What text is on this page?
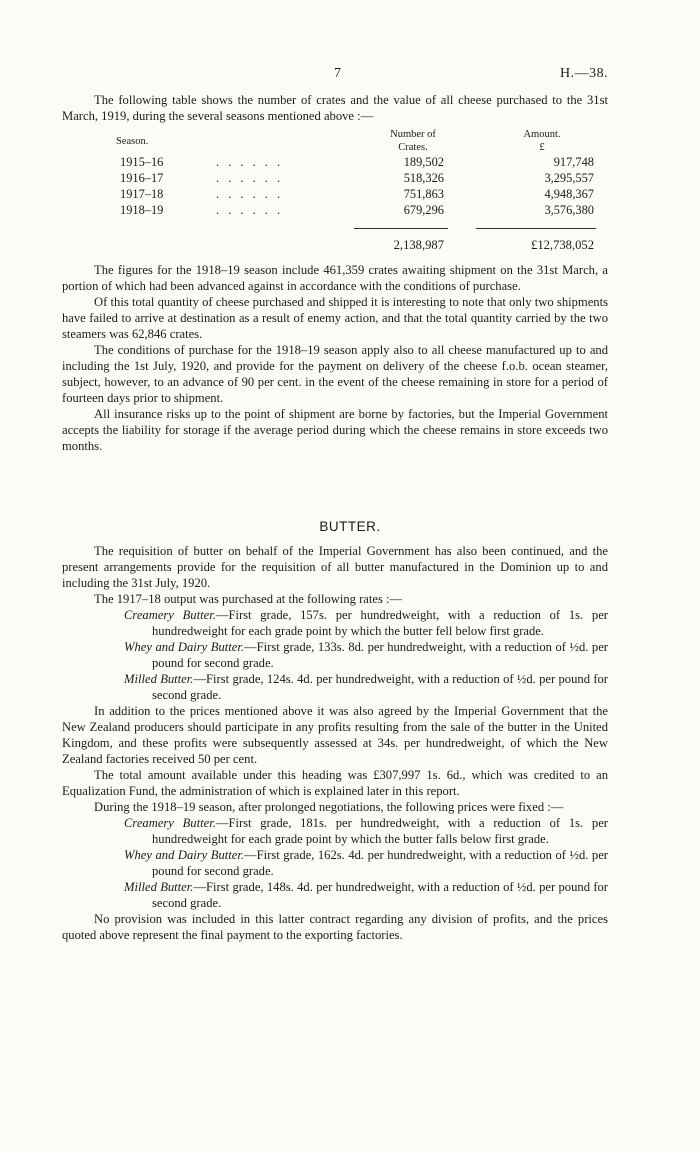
7	H.—38.

The following table shows the number of crates and the value of all cheese purchased to the 31st March, 1919, during the several seasons mentioned above :—

Season.
Number of
Crates.
Amount.
£
1915–16	. . . . . .	189,502	917,748
1916–17	. . . . . .	518,326	3,295,557
1917–18	. . . . . .	751,863	4,948,367
1918–19	. . . . . .	679,296	3,576,380
2,138,987	£12,738,052

The figures for the 1918–19 season include 461,359 crates awaiting shipment on the 31st March, a portion of which had been advanced against in accordance with the conditions of purchase.

Of this total quantity of cheese purchased and shipped it is interesting to note that only two shipments have failed to arrive at destination as a result of enemy action, and that the total quantity carried by the two steamers was 62,846 crates.

The conditions of purchase for the 1918–19 season apply also to all cheese manufactured up to and including the 1st July, 1920, and provide for the payment on delivery of the cheese f.o.b. ocean steamer, subject, however, to an advance of 90 per cent. in the event of the cheese remaining in store for a period of fourteen days prior to shipment.

All insurance risks up to the point of shipment are borne by factories, but the Imperial Government accepts the liability for storage if the average period during which the cheese remains in store exceeds two months.

BUTTER.

The requisition of butter on behalf of the Imperial Government has also been continued, and the present arrangements provide for the requisition of all butter manufactured in the Dominion up to and including the 31st July, 1920.

The 1917–18 output was purchased at the following rates :—

Creamery Butter.—First grade, 157s. per hundredweight, with a reduction of 1s. per hundredweight for each grade point by which the butter fell below first grade.

Whey and Dairy Butter.—First grade, 133s. 8d. per hundredweight, with a reduction of ½d. per pound for second grade.

Milled Butter.—First grade, 124s. 4d. per hundredweight, with a reduction of ½d. per pound for second grade.

In addition to the prices mentioned above it was also agreed by the Imperial Government that the New Zealand producers should participate in any profits resulting from the sale of the butter in the United Kingdom, and these profits were subsequently assessed at 34s. per hundredweight, of which the New Zealand factories received 50 per cent.

The total amount available under this heading was £307,997 1s. 6d., which was credited to an Equalization Fund, the administration of which is explained later in this report.

During the 1918–19 season, after prolonged negotiations, the following prices were fixed :—

Creamery Butter.—First grade, 181s. per hundredweight, with a reduction of 1s. per hundredweight for each grade point by which the butter falls below first grade.

Whey and Dairy Butter.—First grade, 162s. 4d. per hundredweight, with a reduction of ½d. per pound for second grade.

Milled Butter.—First grade, 148s. 4d. per hundredweight, with a reduction of ½d. per pound for second grade.

No provision was included in this latter contract regarding any division of profits, and the prices quoted above represent the final payment to the exporting factories.
